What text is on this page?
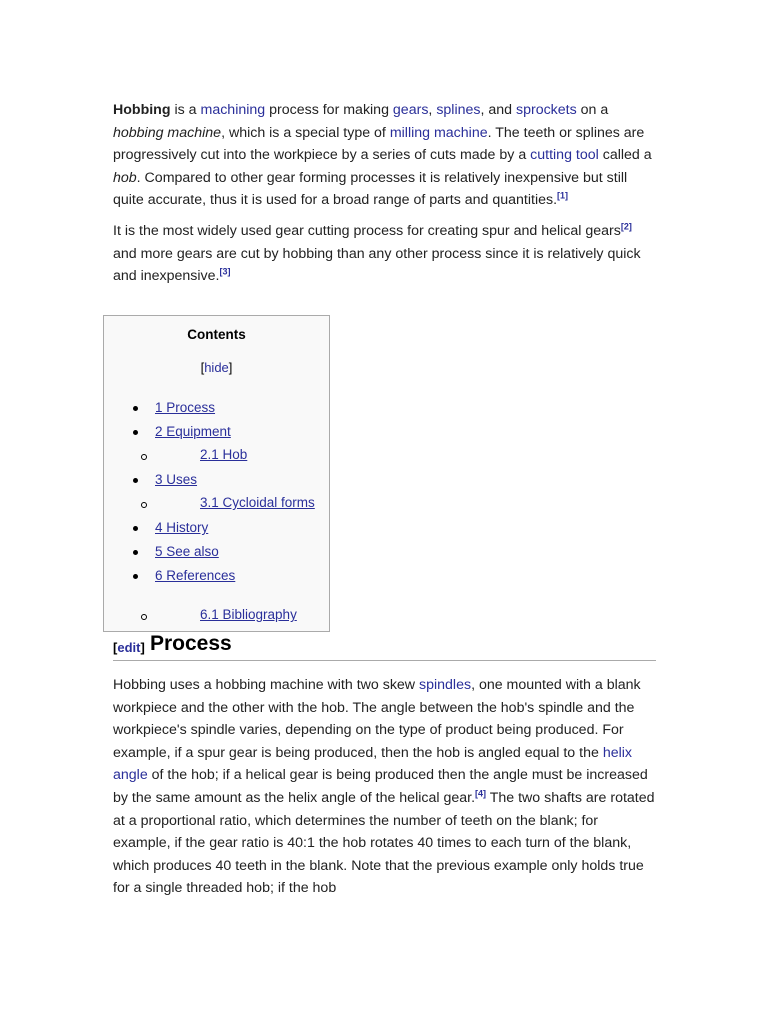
Hobbing is a machining process for making gears, splines, and sprockets on a hobbing machine, which is a special type of milling machine. The teeth or splines are progressively cut into the workpiece by a series of cuts made by a cutting tool called a hob. Compared to other gear forming processes it is relatively inexpensive but still quite accurate, thus it is used for a broad range of parts and quantities.[1]

It is the most widely used gear cutting process for creating spur and helical gears[2] and more gears are cut by hobbing than any other process since it is relatively quick and inexpensive.[3]

Contents
[hide]
1 Process
2 Equipment
2.1 Hob
3 Uses
3.1 Cycloidal forms
4 History
5 See also
6 References
6.1 Bibliography
[edit] Process

Hobbing uses a hobbing machine with two skew spindles, one mounted with a blank workpiece and the other with the hob. The angle between the hob's spindle and the workpiece's spindle varies, depending on the type of product being produced. For example, if a spur gear is being produced, then the hob is angled equal to the helix angle of the hob; if a helical gear is being produced then the angle must be increased by the same amount as the helix angle of the helical gear.[4] The two shafts are rotated at a proportional ratio, which determines the number of teeth on the blank; for example, if the gear ratio is 40:1 the hob rotates 40 times to each turn of the blank, which produces 40 teeth in the blank. Note that the previous example only holds true for a single threaded hob; if the hob
